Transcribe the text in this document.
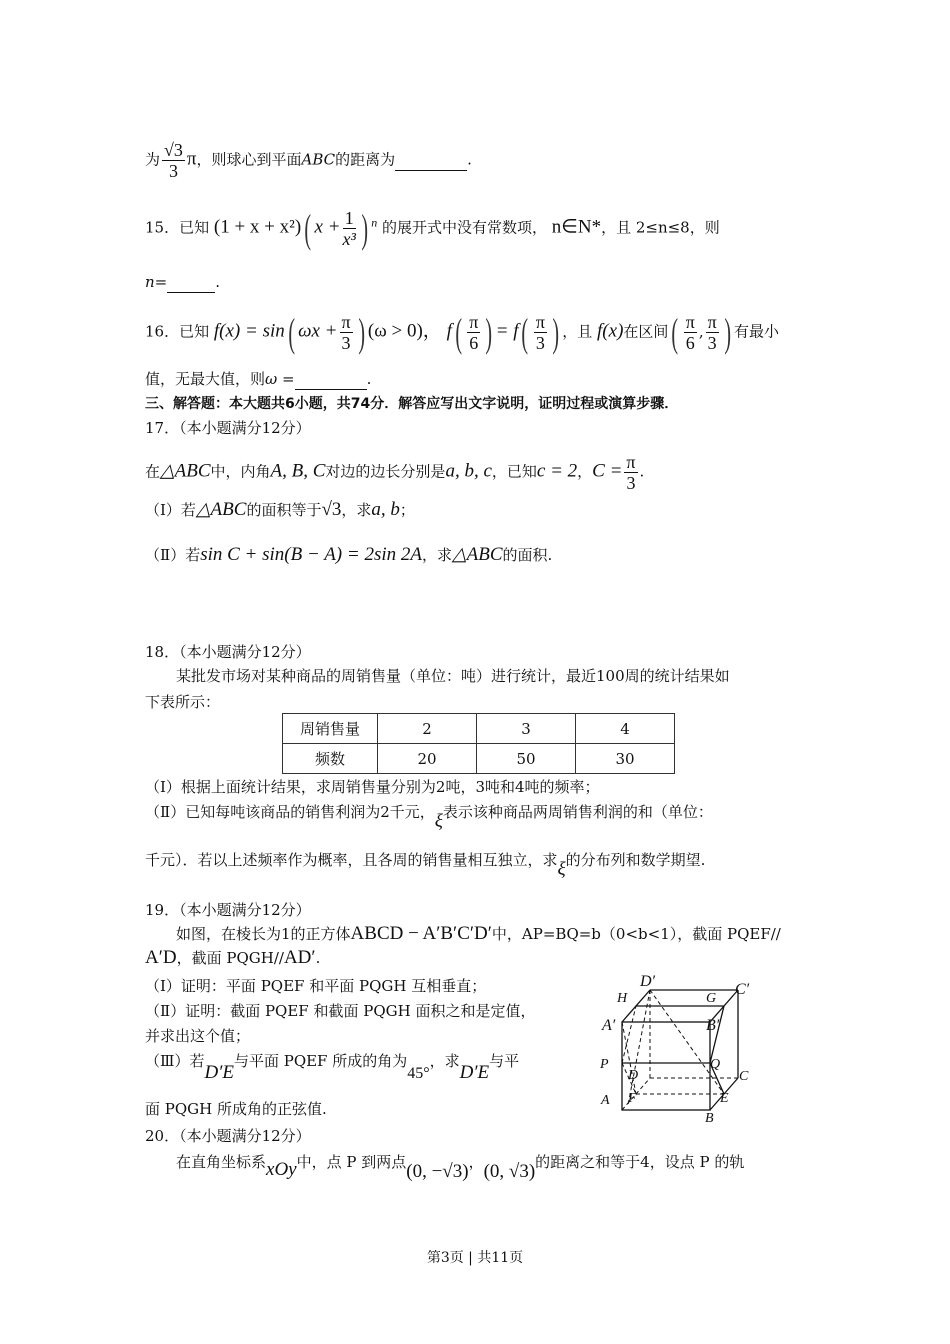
为 $\frac{√3}{3}$ π，则球心到平面ABC的距离为	.
15．已知 (1 + x + x²)( $x + \frac{1}{\text{x³}}$ ) $^n$ 的展开式中没有常数项， n∈N*，且 2≤n≤8，则
n=	.
16．已知 f(x) = sin( $\omega x + \frac{\pi}{3}$ ) (ω > 0)， $f( \frac{\pi}{6}$ ) = $f( \frac{\pi}{3}$ ) ，且 f(x)在区间( $\frac{\pi}{6}$ , $\frac{\pi}{3}$ ) 有最小
值，无最大值，则ω =	.
三、解答题：本大题共6小题，共74分．解答应写出文字说明，证明过程或演算步骤．
17．（本小题满分12分）
在△ABC中，内角A, B, C对边的边长分别是a, b, c，已知c = 2，$C = \frac{\pi}{3}$ .
（Ⅰ）若△ABC的面积等于√3，求a, b；
（Ⅱ）若sin C + sin(B − A) = 2sin 2A，求△ABC的面积.
18．（本小题满分12分）
某批发市场对某种商品的周销售量（单位：吨）进行统计，最近100周的统计结果如
下表所示：
周销售量	2	3	4
频数	20	50	30
（Ⅰ）根据上面统计结果，求周销售量分别为2吨，3吨和4吨的频率；
（Ⅱ）已知每吨该商品的销售利润为2千元，ξ表示该种商品两周销售利润的和（单位：
千元）．若以上述频率作为概率，且各周的销售量相互独立，求ξ的分布列和数学期望.
19．（本小题满分12分）
如图，在棱长为1的正方体ABCD − A′B′C′D′中，AP=BQ=b（0<b<1），截面 PQEF//
A′D，截面 PQGH//AD′.
（Ⅰ）证明：平面 PQEF 和平面 PQGH 互相垂直；
（Ⅱ）证明：截面 PQEF 和截面 PQGH 面积之和是定值，
并求出这个值；
（Ⅲ）若D′E与平面 PQEF 所成的角为45°，求D′E与平
面 PQGH 所成角的正弦值.
D′	C′
H	G
A′	B′
P	Q
D	C
A F	E
B
20．（本小题满分12分）
在直角坐标系xOy中，点 P 到两点(0, −√3)，(0, √3)的距离之和等于4，设点 P 的轨
第3页 | 共11页
